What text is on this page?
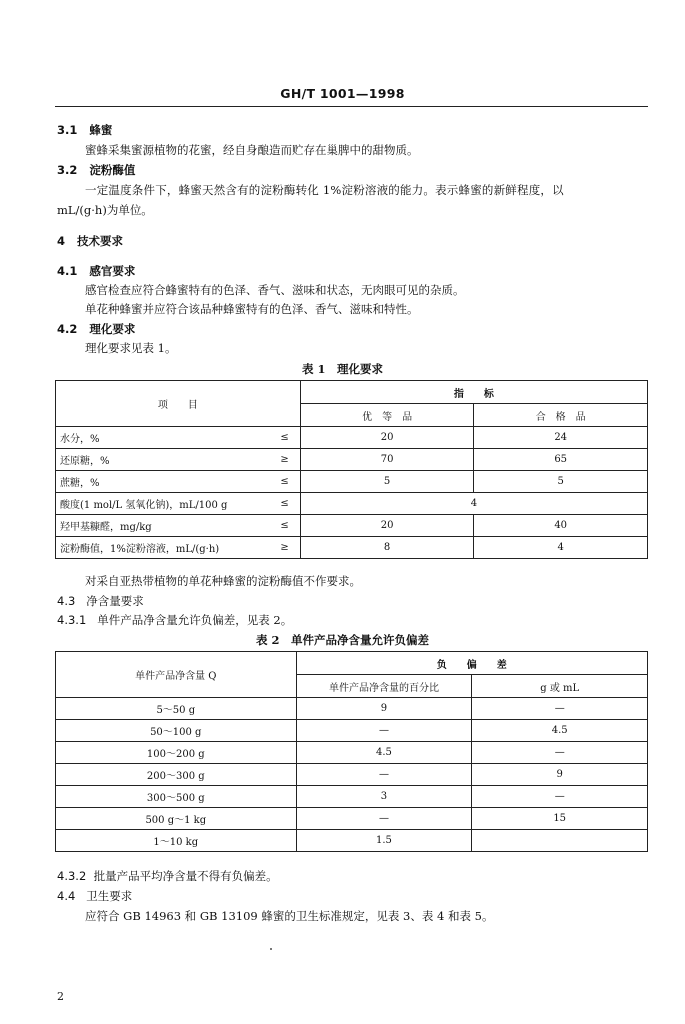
GH/T 1001—1998
3.1 蜂蜜
蜜蜂采集蜜源植物的花蜜，经自身酿造而贮存在巢脾中的甜物质。
3.2 淀粉酶值
一定温度条件下，蜂蜜天然含有的淀粉酶转化 1%淀粉溶液的能力。表示蜂蜜的新鲜程度，以
mL/(g·h)为单位。
4 技术要求
4.1 感官要求
感官检查应符合蜂蜜特有的色泽、香气、滋味和状态，无肉眼可见的杂质。
单花种蜂蜜并应符合该品种蜂蜜特有的色泽、香气、滋味和特性。
4.2 理化要求
理化要求见表 1。
表 1　理化要求
项　　目		指　　标	
		优　等　品	合　格　品
水分，%	≤	20	24
还原糖，%	≥	70	65
蔗糖，%	≤	5	5
酸度(1 mol/L 氢氧化钠)，mL/100 g	≤	4	
羟甲基糠醛，mg/kg	≤	20	40
淀粉酶值，1%淀粉溶液，mL/(g·h)	≥	8	4
对采自亚热带植物的单花种蜂蜜的淀粉酶值不作要求。
4.3 净含量要求
4.3.1 单件产品净含量允许负偏差，见表 2。
表 2　单件产品净含量允许负偏差
单件产品净含量 Q	负　　偏　　差	
	单件产品净含量的百分比	g 或 mL
5～50 g	9	—
50～100 g	—	4.5
100～200 g	4.5	—
200～300 g	—	9
300～500 g	3	—
500 g～1 kg	—	15
1～10 kg	1.5	
4.3.2 批量产品平均净含量不得有负偏差。
4.4 卫生要求
应符合 GB 14963 和 GB 13109 蜂蜜的卫生标准规定，见表 3、表 4 和表 5。
2
